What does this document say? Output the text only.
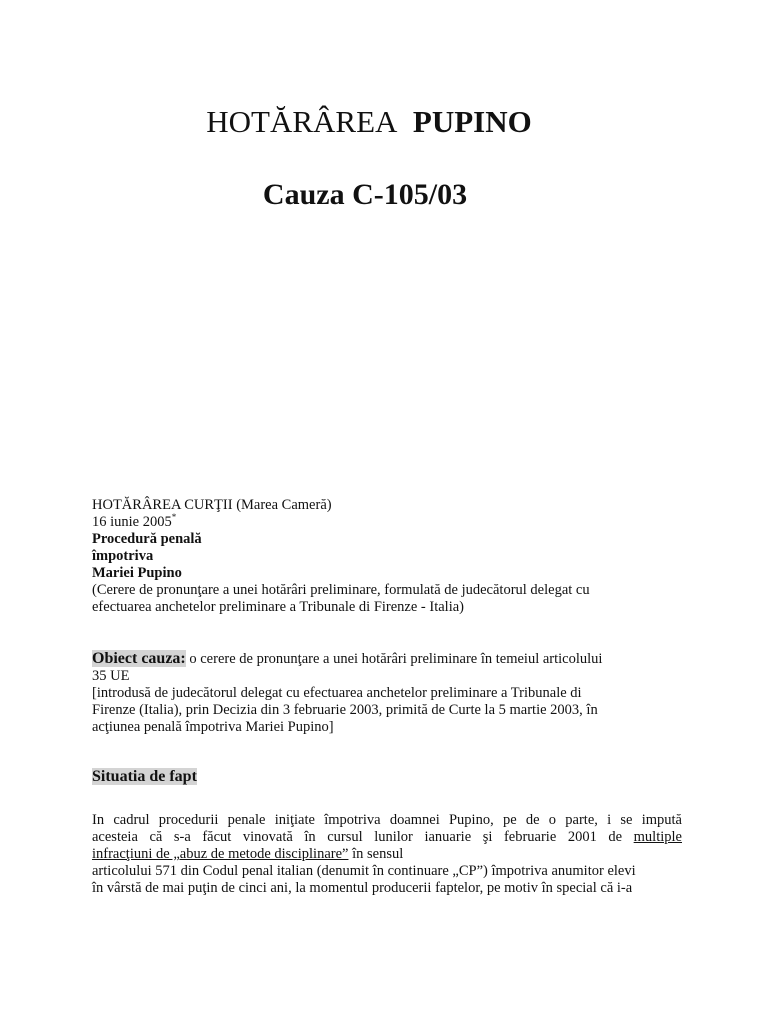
HOTĂRÂREA PUPINO
Cauza C-105/03
HOTĂRÂREA CURŢII (Marea Cameră)
16 iunie 2005*
Procedură penală
împotriva
Mariei Pupino
(Cerere de pronunţare a unei hotărâri preliminare, formulată de judecătorul delegat cu
efectuarea anchetelor preliminare a Tribunale di Firenze - Italia)
Obiect cauza: o cerere de pronunţare a unei hotărâri preliminare în temeiul articolului
35 UE
[introdusă de judecătorul delegat cu efectuarea anchetelor preliminare a Tribunale di
Firenze (Italia), prin Decizia din 3 februarie 2003, primită de Curte la 5 martie 2003, în
acţiunea penală împotriva Mariei Pupino]
Situatia de fapt
In cadrul procedurii penale iniţiate împotriva doamnei Pupino, pe de o parte, i se impută
acesteia că s-a făcut vinovată în cursul lunilor ianuarie şi februarie 2001 de multiple
infracţiuni de „abuz de metode disciplinare” în sensul
articolului 571 din Codul penal italian (denumit în continuare „CP”) împotriva anumitor elevi
în vârstă de mai puţin de cinci ani, la momentul producerii faptelor, pe motiv în special că i-a
